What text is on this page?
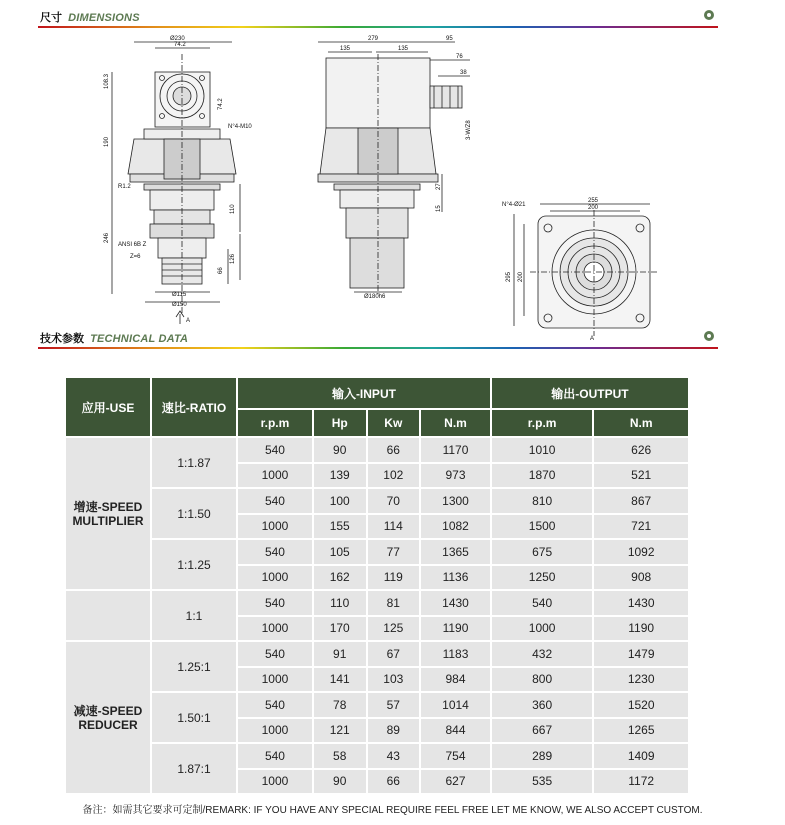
尺寸 DIMENSIONS
Ø230
74.2
108.3
74.2
190
N°4-M10
R1.2
110
246
ANSI 6B Z
Z=6	126
66
Ø115
Ø150
A
279	95
135	135
76
38
3-W/Z8
27
15
Ø180h6
N°4-Ø21
255
200
295 200
A
技术参数 TECHNICAL DATA
应用-USE	速比-RATIO	输入-INPUT				输出-OUTPUT	
		r.p.m	Hp	Kw	N.m	r.p.m	N.m

增速-SPEED
MULTIPLIER	1:1.87	540	90	66	1170	1010	626
		1000	139	102	973	1870	521
	1:1.50	540	100	70	1300	810	867
		1000	155	114	1082	1500	721
	1:1.25	540	105	77	1365	675	1092
		1000	162	119	1136	1250	908

	1:1	540	110	81	1430	540	1430
		1000	170	125	1190	1000	1190

减速-SPEED
REDUCER	1.25:1	540	91	67	1183	432	1479
		1000	141	103	984	800	1230
	1.50:1	540	78	57	1014	360	1520
		1000	121	89	844	667	1265
	1.87:1	540	58	43	754	289	1409
		1000	90	66	627	535	1172
备注：如需其它要求可定制/REMARK: IF YOU HAVE ANY SPECIAL REQUIRE FEEL FREE LET ME KNOW, WE ALSO ACCEPT CUSTOM.
